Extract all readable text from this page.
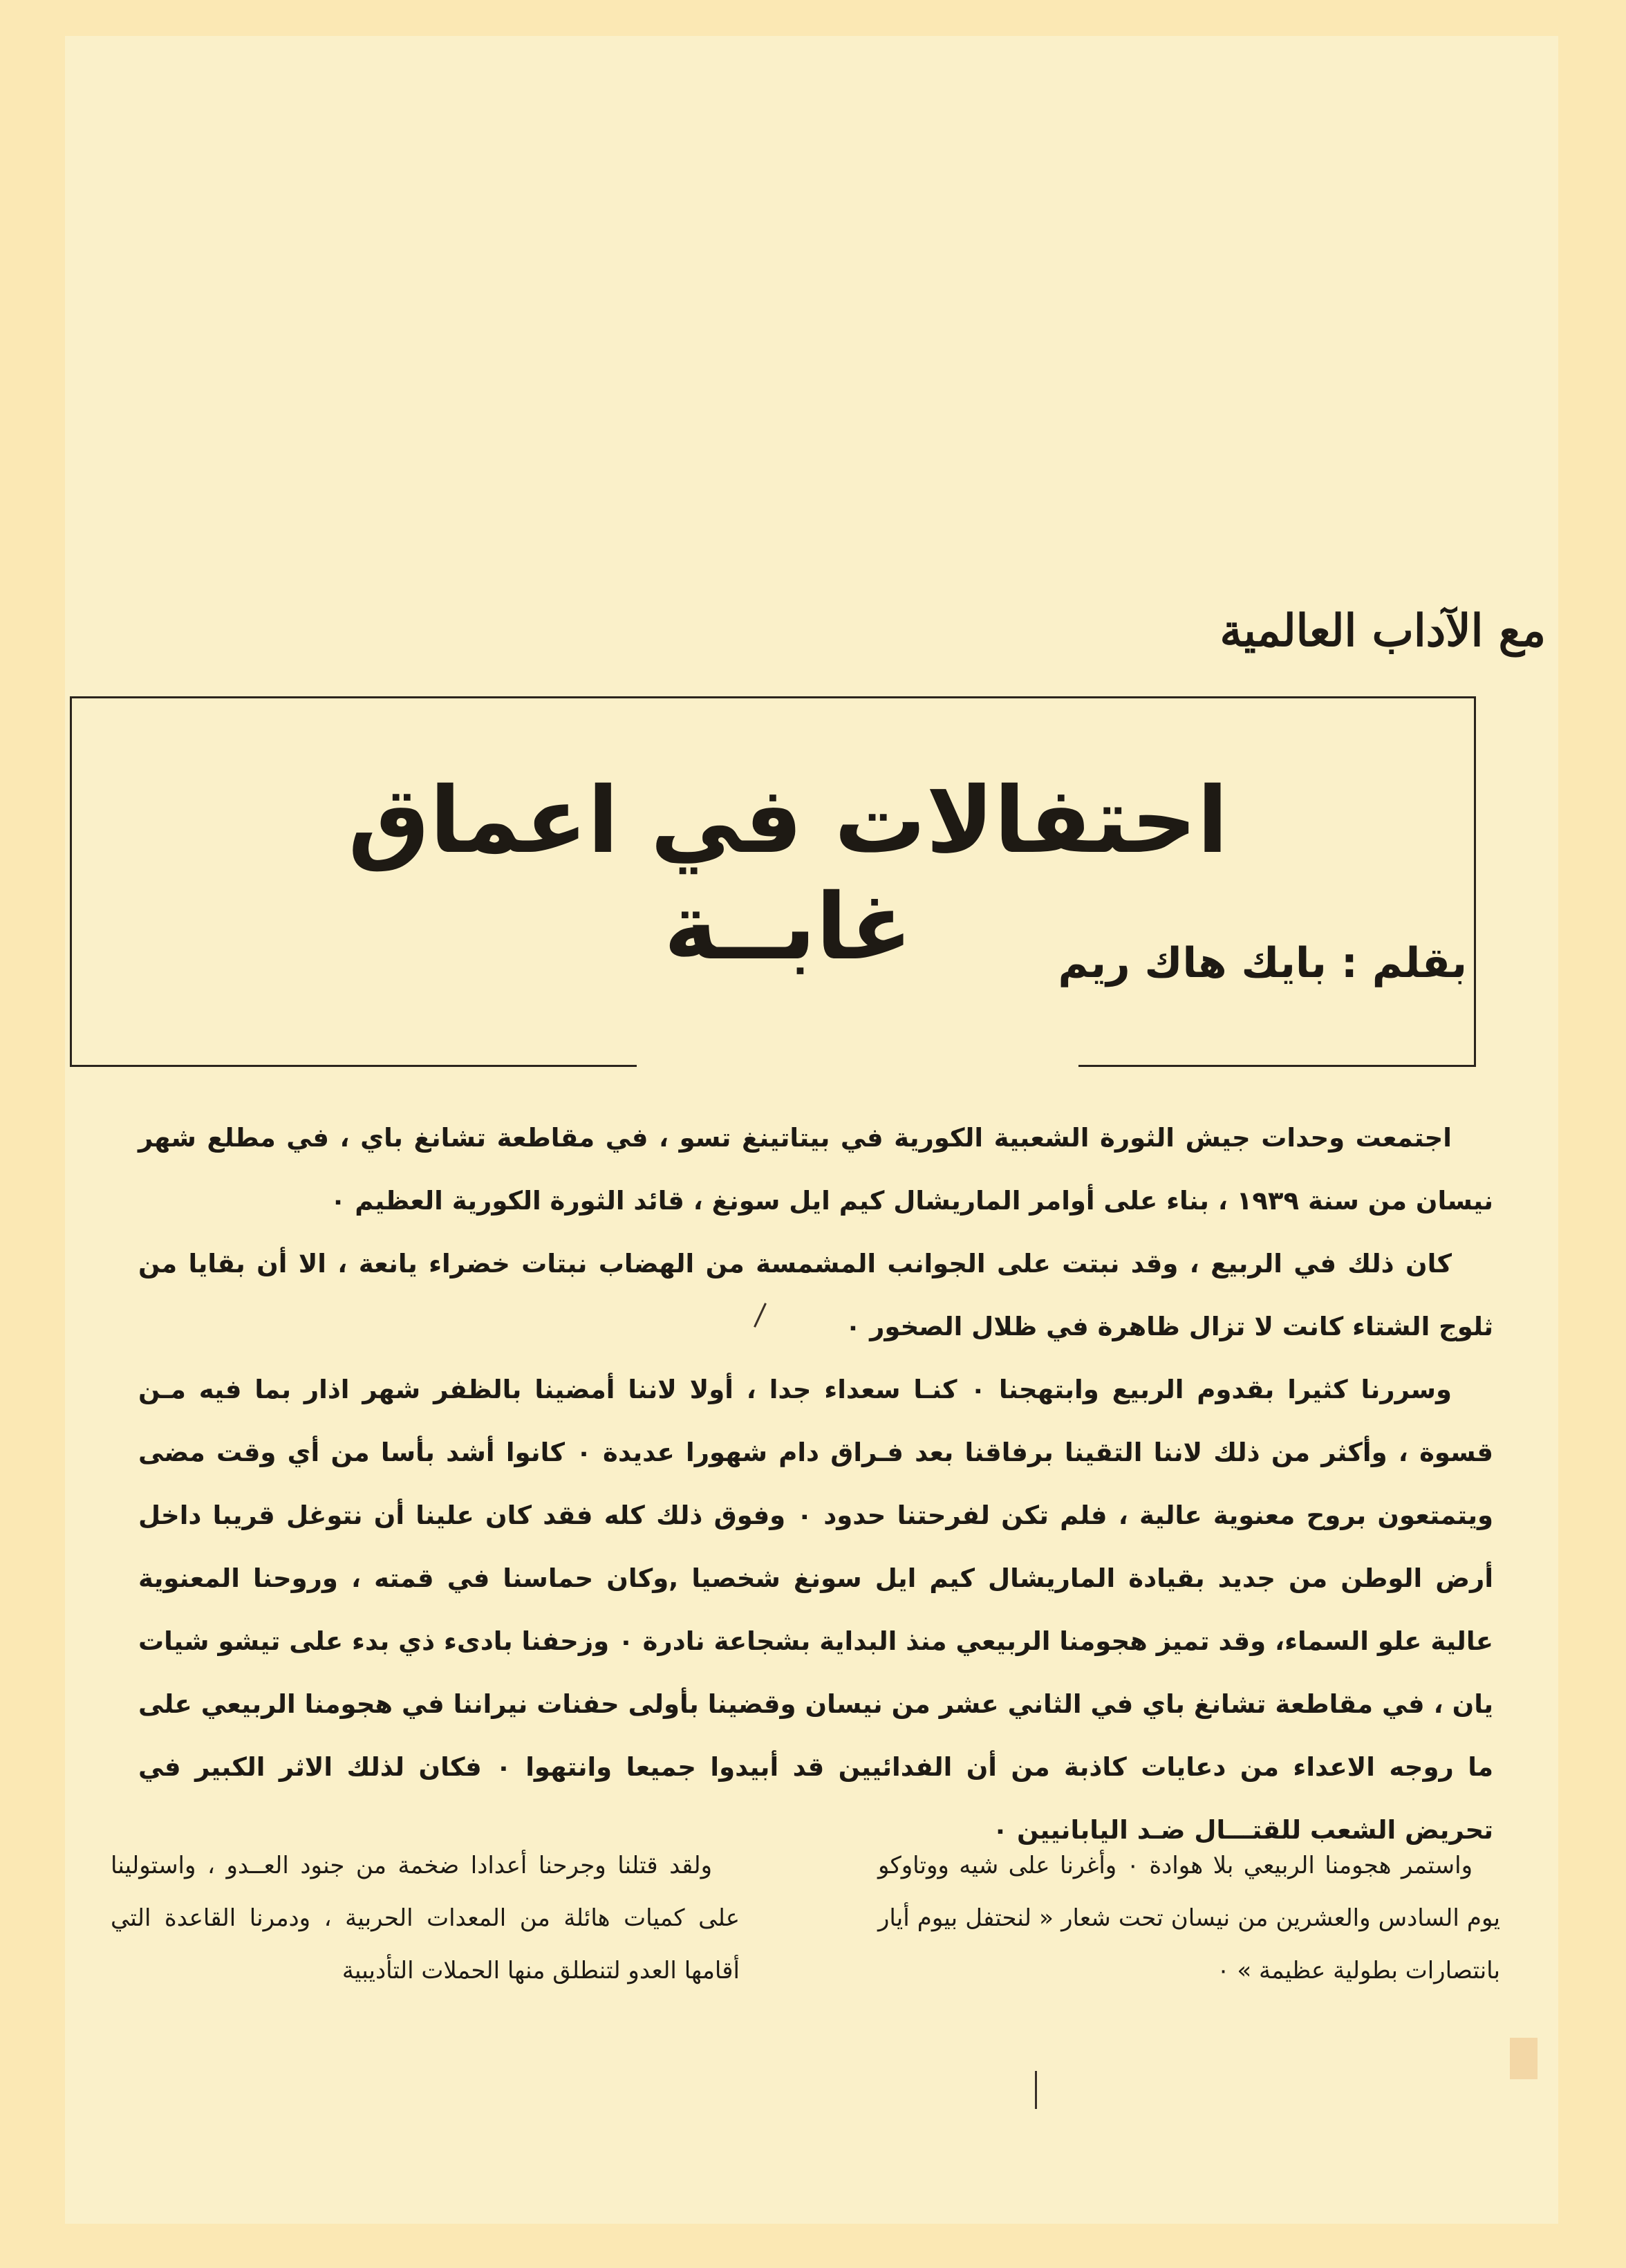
مع الآداب العالمية
احتفالات في اعماق غابــة	بقلم : بايك هاك ريم

اجتمعت وحدات جيش الثورة الشعبية الكورية في بيتاتينغ تسو ، في مقاطعة تشانغ باي ، في مطلع شهر نيسان من سنة ١٩٣٩ ، بناء على أوامر الماريشال كيم ايل سونغ ، قائد الثورة الكورية العظيم ٠

كان ذلك في الربيع ، وقد نبتت على الجوانب المشمسة من الهضاب نبتات خضراء يانعة ، الا أن بقايا من ثلوج الشتاء كانت لا تزال ظاهرة في ظلال الصخور ٠

وسررنا كثيرا بقدوم الربيع وابتهجنا ٠ كنـا سعداء جدا ، أولا لاننا أمضينا بالظفر شهر اذار بما فيه مـن قسوة ، وأكثر من ذلك لاننا التقينا برفاقنا بعد فـراق دام شهورا عديدة ٠ كانوا أشد بأسا من أي وقت مضى ويتمتعون بروح معنوية عالية ، فلم تكن لفرحتنا حدود ٠ وفوق ذلك كله فقد كان علينا أن نتوغل قريبا داخل أرض الوطن من جديد بقيادة الماريشال كيم ايل سونغ شخصيا ,وكان حماسنا في قمته ، وروحنا المعنوية عالية علو السماء، وقد تميز هجومنا الربيعي منذ البداية بشجاعة نادرة ٠ وزحفنا بادىء ذي بدء على تيشو شيات يان ، في مقاطعة تشانغ باي في الثاني عشر من نيسان وقضينا بأولى حفنات نيراننا في هجومنا الربيعي على ما روجه الاعداء من دعايات كاذبة من أن الفدائيين قد أبيدوا جميعا وانتهوا ٠ فكان لذلك الاثر الكبير في تحريض الشعب للقتـــال ضـد اليابانيين ٠

واستمر هجومنا الربيعي بلا هوادة ٠ وأغرنا على شيه ووتاوكو يوم السادس والعشرين من نيسان تحت شعار « لنحتفل بيوم أيار بانتصارات بطولية عظيمة » ٠

ولقد قتلنا وجرحنا أعدادا ضخمة من جنود العــدو ، واستولينا على كميات هائلة من المعدات الحربية ، ودمرنا القاعدة التي أقامها العدو لتنطلق منها الحملات التأديبية
